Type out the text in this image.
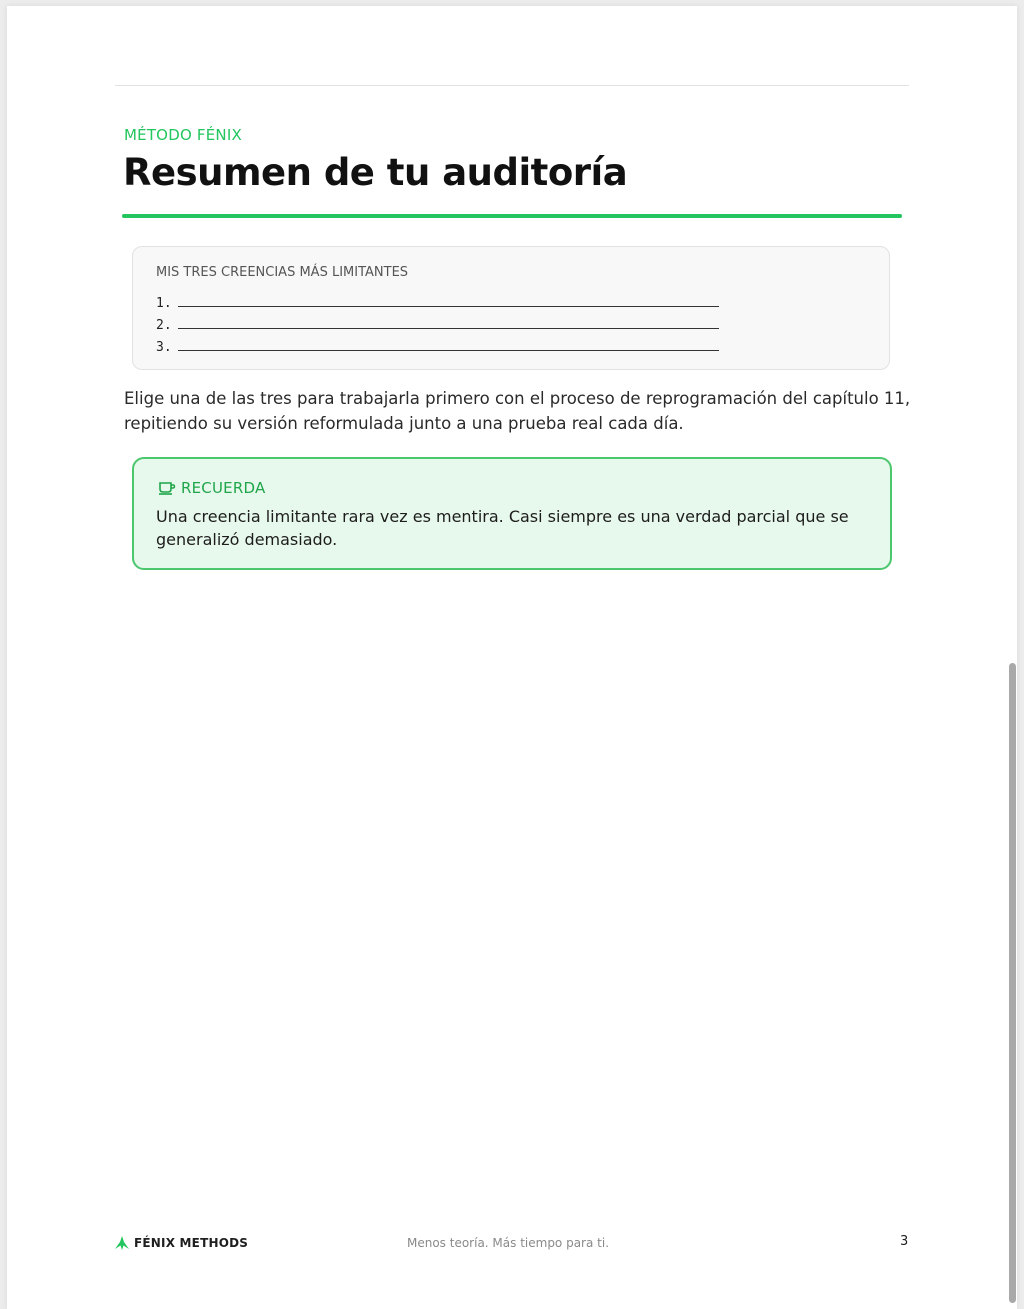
MÉTODO FÉNIX
Resumen de tu auditoría
MIS TRES CREENCIAS MÁS LIMITANTES
1.
2.
3.

Elige una de las tres para trabajarla primero con el proceso de reprogramación del capítulo 11, repitiendo su versión reformulada junto a una prueba real cada día.

RECUERDA

Una creencia limitante rara vez es mentira. Casi siempre es una verdad parcial que se generalizó demasiado.

FÉNIX METHODS	Menos teoría. Más tiempo para ti.	3
